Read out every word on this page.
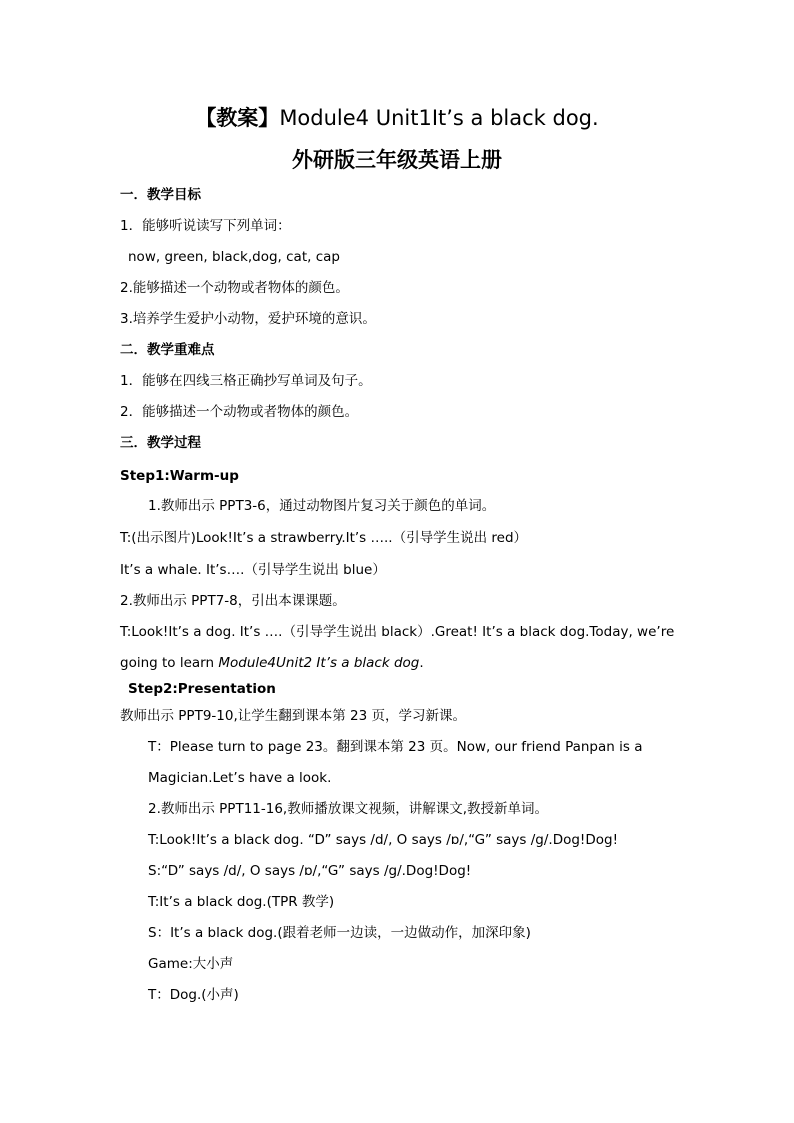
【教案】Module4 Unit1It’s a black dog.
外研版三年级英语上册
一．教学目标
1．能够听说读写下列单词：
now, green, black,dog, cat, cap
2.能够描述一个动物或者物体的颜色。
3.培养学生爱护小动物，爱护环境的意识。
二．教学重难点
1．能够在四线三格正确抄写单词及句子。
2．能够描述一个动物或者物体的颜色。
三．教学过程
Step1:Warm-up
1.教师出示 PPT3-6，通过动物图片复习关于颜色的单词。
T:(出示图片)Look!It’s a strawberry.It’s …..（引导学生说出 red）
It’s a whale. It’s….（引导学生说出 blue）
2.教师出示 PPT7-8，引出本课课题。
T:Look!It’s a dog. It’s ….（引导学生说出 black）.Great! It’s a black dog.Today, we’re
going to learn Module4Unit2 It’s a black dog.
Step2:Presentation
教师出示 PPT9-10,让学生翻到课本第 23 页，学习新课。
T：Please turn to page 23。翻到课本第 23 页。Now, our friend Panpan is a
Magician.Let’s have a look.
2.教师出示 PPT11-16,教师播放课文视频，讲解课文,教授新单词。
T:Look!It’s a black dog. “D” says /d/, O says /ɒ/,“G” says /g/.Dog!Dog!
S:“D” says /d/, O says /ɒ/,“G” says /g/.Dog!Dog!
T:It’s a black dog.(TPR 教学)
S：It’s a black dog.(跟着老师一边读，一边做动作，加深印象)
Game:大小声
T：Dog.(小声)
